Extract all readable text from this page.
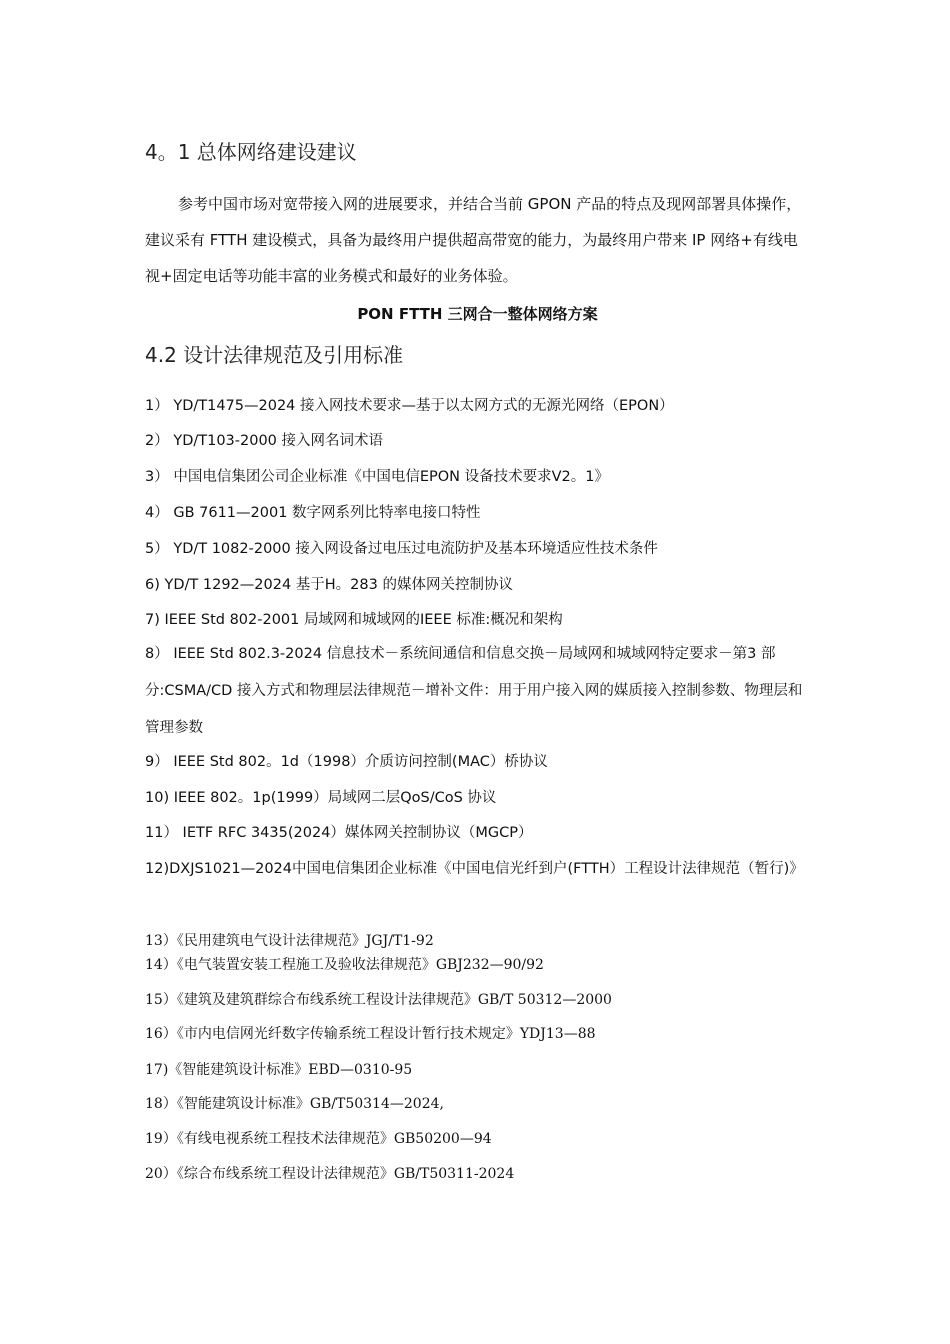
4。1 总体网络建设建议

参考中国市场对宽带接入网的进展要求，并结合当前 GPON 产品的特点及现网部署具体操作，建议采有 FTTH 建设模式，具备为最终用户提供超高带宽的能力，为最终用户带来 IP 网络+有线电视+固定电话等功能丰富的业务模式和最好的业务体验。

PON FTTH 三网合一整体网络方案
4.2 设计法律规范及引用标准
1） YD/T1475—2024 接入网技术要求—基于以太网方式的无源光网络（EPON）
2） YD/T103-2000 接入网名词术语
3） 中国电信集团公司企业标准《中国电信EPON 设备技术要求V2。1》
4） GB 7611—2001 数字网系列比特率电接口特性
5） YD/T 1082-2000 接入网设备过电压过电流防护及基本环境适应性技术条件
6) YD/T 1292—2024 基于H。283 的媒体网关控制协议
7) IEEE Std 802-2001 局域网和城域网的IEEE 标准:概况和架构
8） IEEE Std 802.3-2024 信息技术－系统间通信和信息交换－局域网和城域网特定要求－第3 部分:CSMA/CD 接入方式和物理层法律规范－增补文件：用于用户接入网的媒质接入控制参数、物理层和管理参数
9） IEEE Std 802。1d（1998）介质访问控制(MAC）桥协议
10) IEEE 802。1p(1999）局域网二层QoS/CoS 协议
11） IETF RFC 3435(2024）媒体网关控制协议（MGCP）
12)DXJS1021—2024中国电信集团企业标准《中国电信光纤到户(FTTH）工程设计法律规范（暂行)》
13）《民用建筑电气设计法律规范》JGJ/T1-92
14）《电气装置安装工程施工及验收法律规范》GBJ232—90/92
15）《建筑及建筑群综合布线系统工程设计法律规范》GB/T 50312—2000
16）《市内电信网光纤数字传输系统工程设计暂行技术规定》YDJ13—88
17)《智能建筑设计标准》EBD—0310-95
18）《智能建筑设计标准》GB/T50314—2024,
19）《有线电视系统工程技术法律规范》GB50200—94
20）《综合布线系统工程设计法律规范》GB/T50311-2024
